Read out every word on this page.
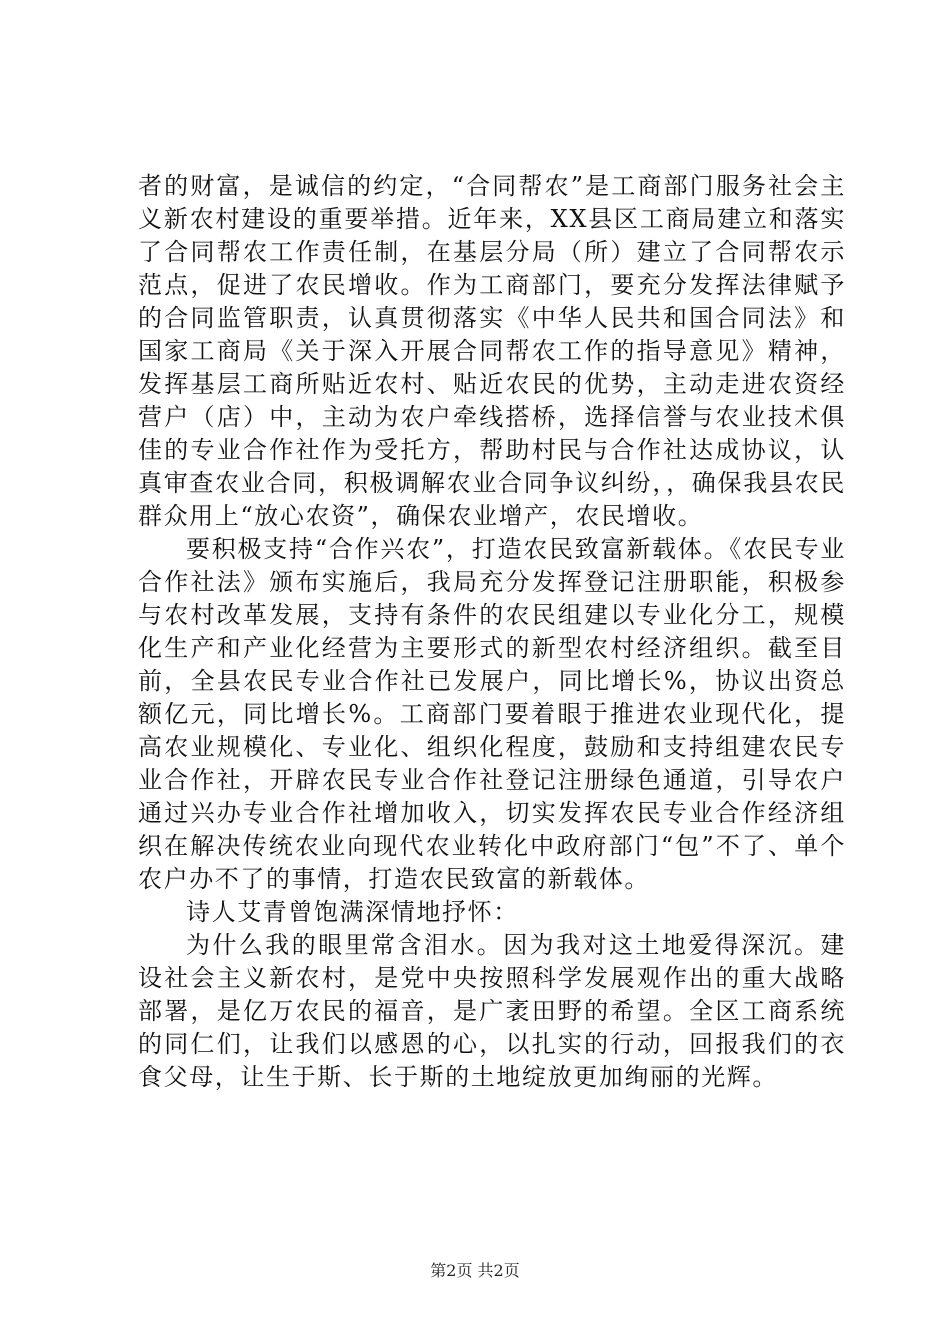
者的财富，是诚信的约定，“合同帮农”是工商部门服务社会主义新农村建设的重要举措。近年来，XX县区工商局建立和落实了合同帮农工作责任制，在基层分局（所）建立了合同帮农示范点，促进了农民增收。作为工商部门，要充分发挥法律赋予的合同监管职责，认真贯彻落实《中华人民共和国合同法》和国家工商局《关于深入开展合同帮农工作的指导意见》精神，发挥基层工商所贴近农村、贴近农民的优势，主动走进农资经营户（店）中，主动为农户牵线搭桥，选择信誉与农业技术俱佳的专业合作社作为受托方，帮助村民与合作社达成协议，认真审查农业合同，积极调解农业合同争议纠纷，，确保我县农民群众用上“放心农资”，确保农业增产，农民增收。

要积极支持“合作兴农”，打造农民致富新载体。《农民专业合作社法》颁布实施后，我局充分发挥登记注册职能，积极参与农村改革发展，支持有条件的农民组建以专业化分工，规模化生产和产业化经营为主要形式的新型农村经济组织。截至目前，全县农民专业合作社已发展户，同比增长%，协议出资总额亿元，同比增长%。工商部门要着眼于推进农业现代化，提高农业规模化、专业化、组织化程度，鼓励和支持组建农民专业合作社，开辟农民专业合作社登记注册绿色通道，引导农户通过兴办专业合作社增加收入，切实发挥农民专业合作经济组织在解决传统农业向现代农业转化中政府部门“包”不了、单个农户办不了的事情，打造农民致富的新载体。

诗人艾青曾饱满深情地抒怀：

为什么我的眼里常含泪水。因为我对这土地爱得深沉。建设社会主义新农村，是党中央按照科学发展观作出的重大战略部署，是亿万农民的福音，是广袤田野的希望。全区工商系统的同仁们，让我们以感恩的心，以扎实的行动，回报我们的衣食父母，让生于斯、长于斯的土地绽放更加绚丽的光辉。

第2页 共2页
